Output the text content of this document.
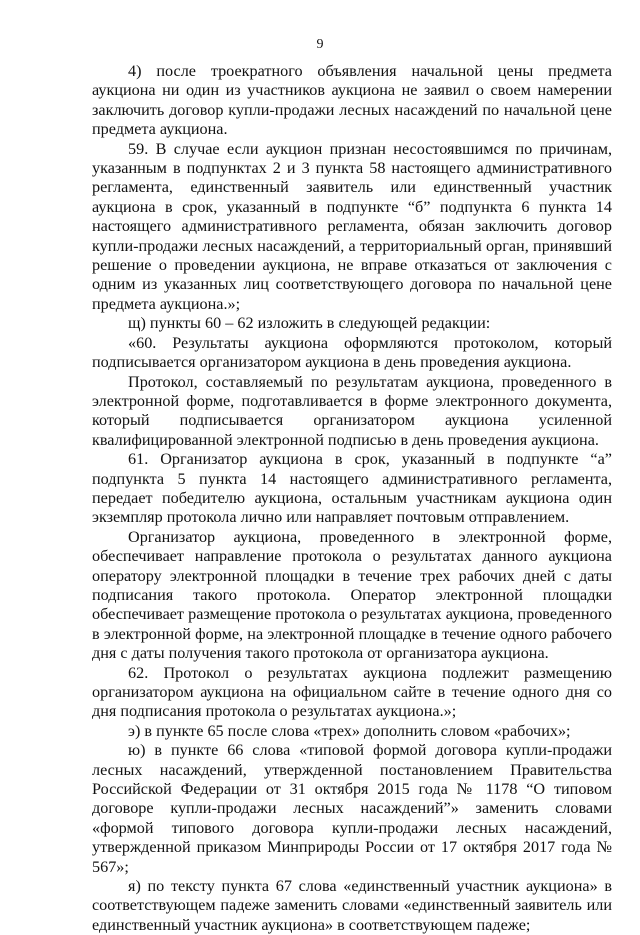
9

4) после троекратного объявления начальной цены предмета аукциона ни один из участников аукциона не заявил о своем намерении заключить договор купли-продажи лесных насаждений по начальной цене предмета аукциона.

59. В случае если аукцион признан несостоявшимся по причинам, указанным в подпунктах 2 и 3 пункта 58 настоящего административного регламента, единственный заявитель или единственный участник аукциона в срок, указанный в подпункте “б” подпункта 6 пункта 14 настоящего административного регламента, обязан заключить договор купли-продажи лесных насаждений, а территориальный орган, принявший решение о проведении аукциона, не вправе отказаться от заключения с одним из указанных лиц соответствующего договора по начальной цене предмета аукциона.»;

щ) пункты 60 – 62 изложить в следующей редакции:

«60. Результаты аукциона оформляются протоколом, который подписывается организатором аукциона в день проведения аукциона.

Протокол, составляемый по результатам аукциона, проведенного в электронной форме, подготавливается в форме электронного документа, который подписывается организатором аукциона усиленной квалифицированной электронной подписью в день проведения аукциона.

61. Организатор аукциона в срок, указанный в подпункте “а” подпункта 5 пункта 14 настоящего административного регламента, передает победителю аукциона, остальным участникам аукциона один экземпляр протокола лично или направляет почтовым отправлением.

Организатор аукциона, проведенного в электронной форме, обеспечивает направление протокола о результатах данного аукциона оператору электронной площадки в течение трех рабочих дней с даты подписания такого протокола. Оператор электронной площадки обеспечивает размещение протокола о результатах аукциона, проведенного в электронной форме, на электронной площадке в течение одного рабочего дня с даты получения такого протокола от организатора аукциона.

62. Протокол о результатах аукциона подлежит размещению организатором аукциона на официальном сайте в течение одного дня со дня подписания протокола о результатах аукциона.»;

э) в пункте 65 после слова «трех» дополнить словом «рабочих»;

ю) в пункте 66 слова «типовой формой договора купли-продажи лесных насаждений, утвержденной постановлением Правительства Российской Федерации от 31 октября 2015 года № 1178 “О типовом договоре купли-продажи лесных насаждений”» заменить словами «формой типового договора купли-продажи лесных насаждений, утвержденной приказом Минприроды России от 17 октября 2017 года № 567»;

я) по тексту пункта 67 слова «единственный участник аукциона» в соответствующем падеже заменить словами «единственный заявитель или единственный участник аукциона» в соответствующем падеже;
